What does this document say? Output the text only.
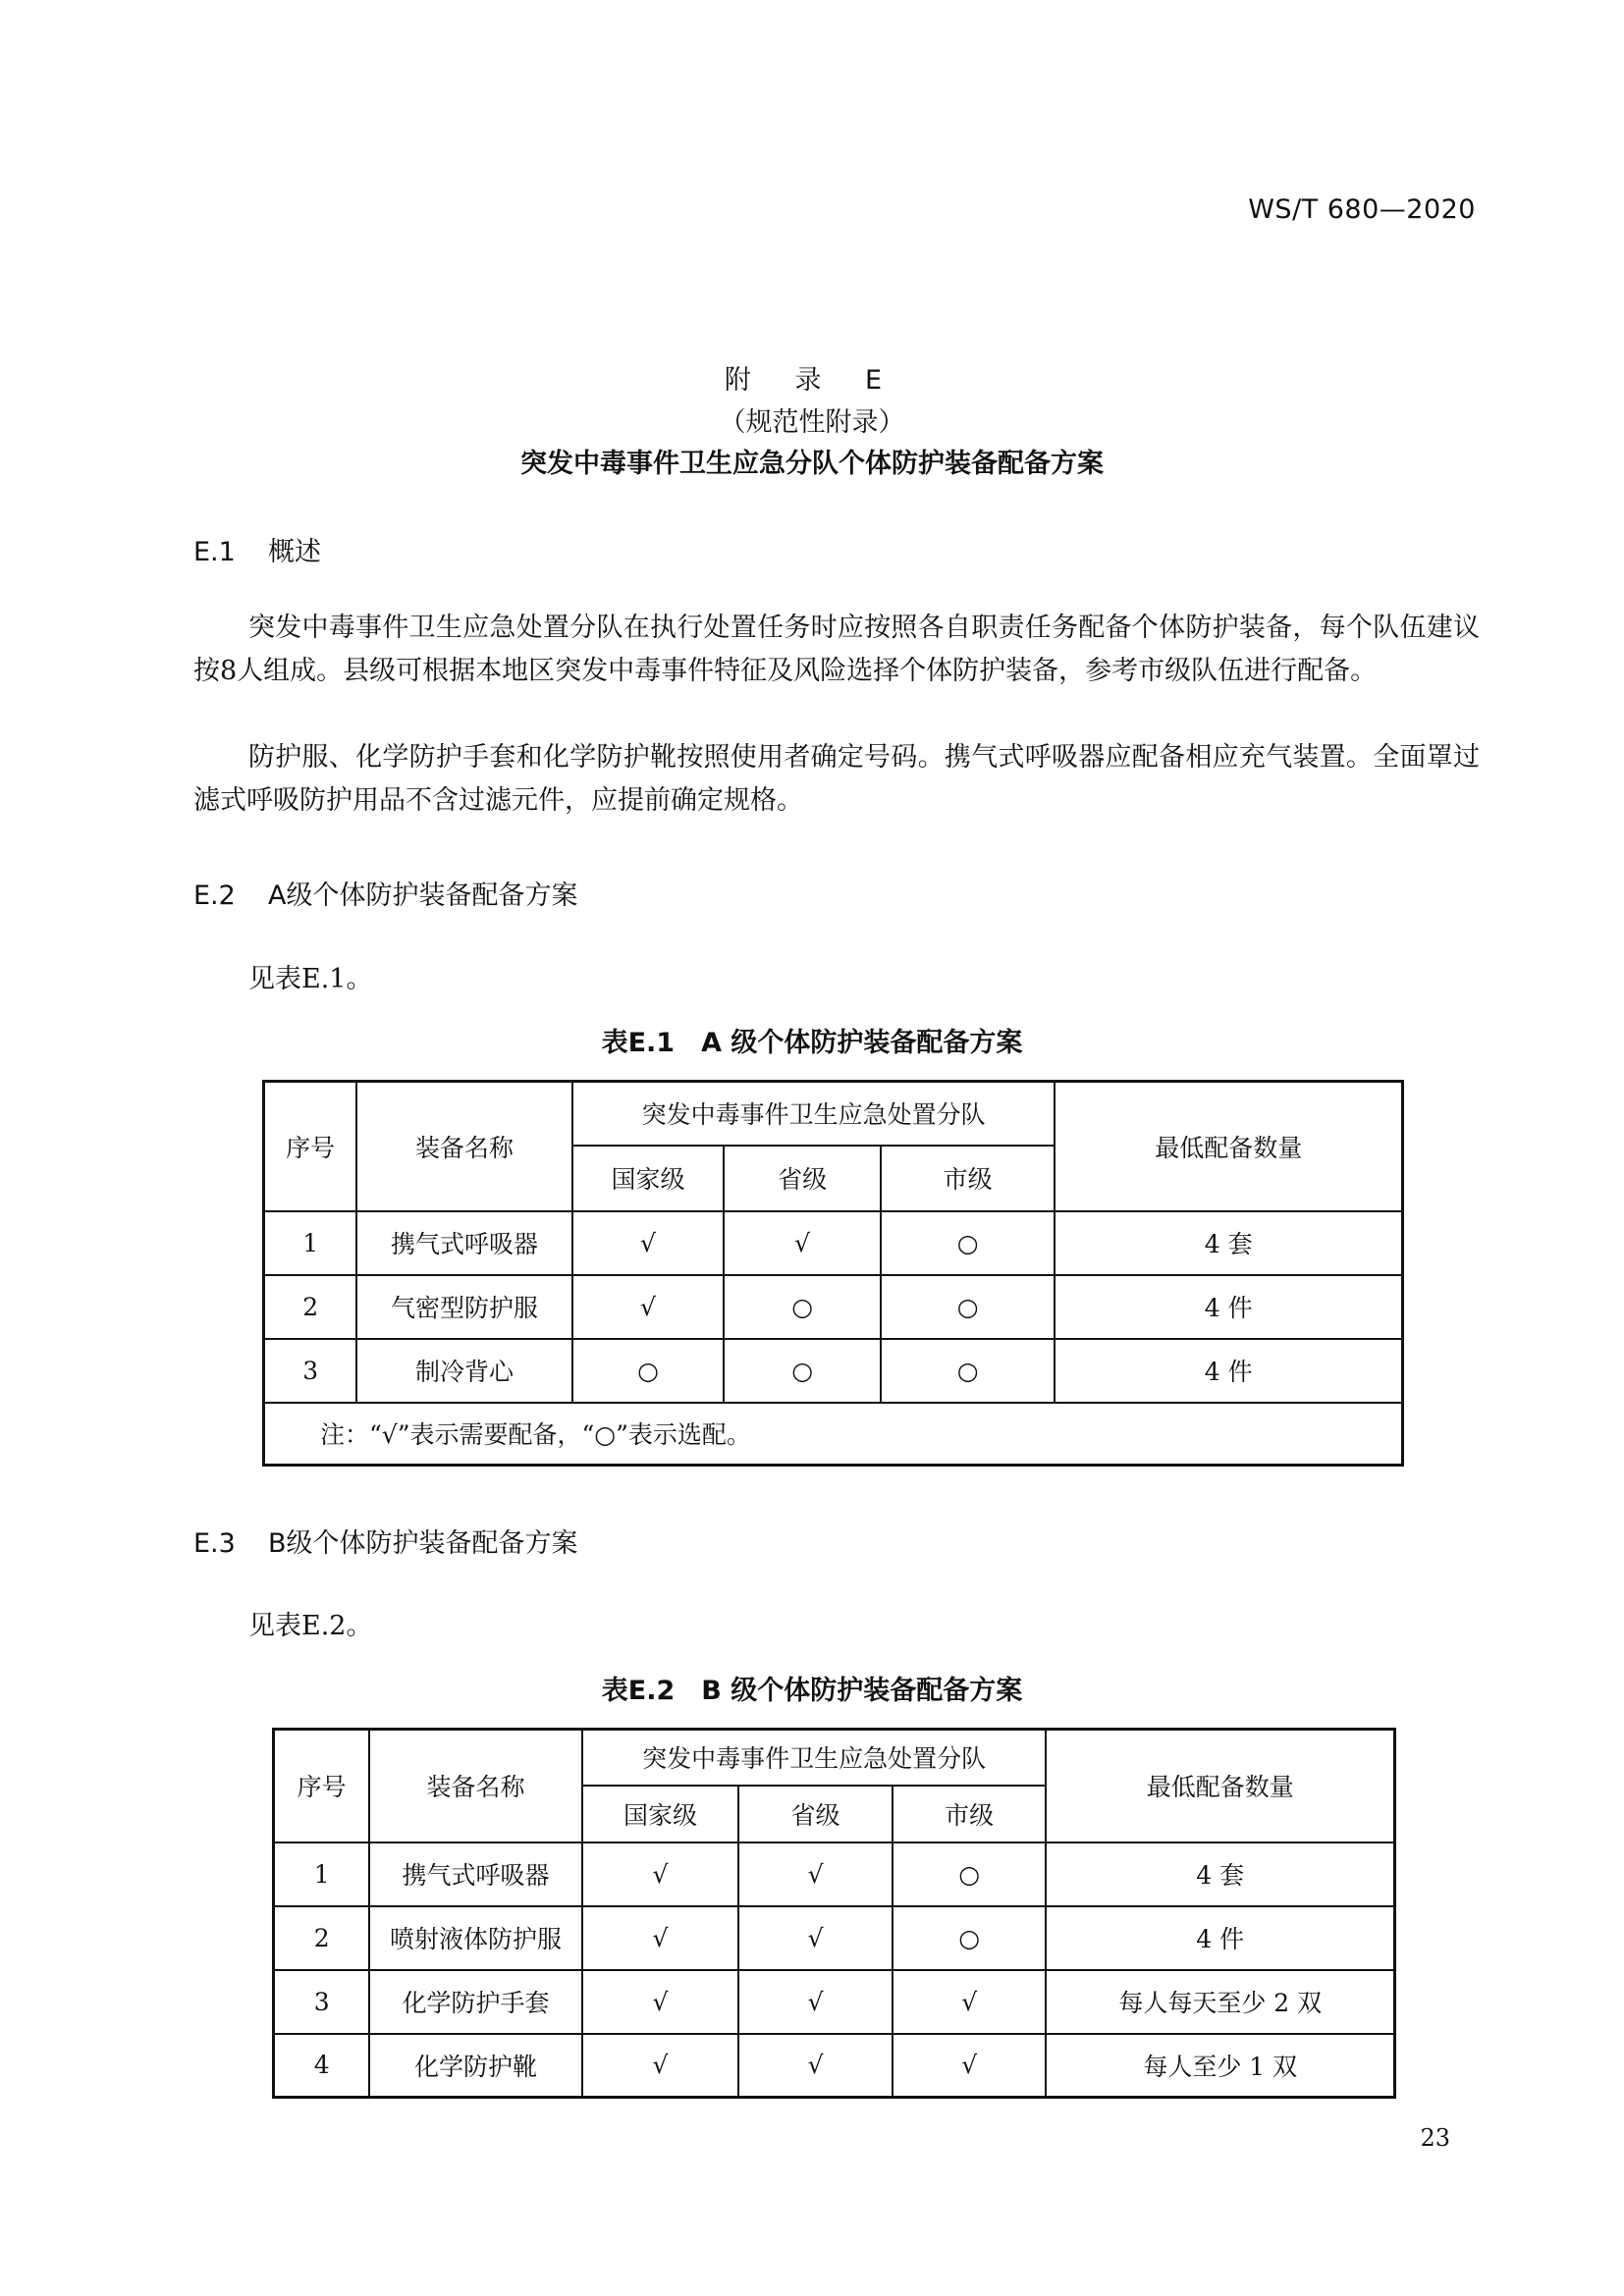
WS/T 680—2020
附 录 E
（规范性附录）
突发中毒事件卫生应急分队个体防护装备配备方案
E.1 概述

突发中毒事件卫生应急处置分队在执行处置任务时应按照各自职责任务配备个体防护装备，每个队伍建议按8人组成。县级可根据本地区突发中毒事件特征及风险选择个体防护装备，参考市级队伍进行配备。

防护服、化学防护手套和化学防护靴按照使用者确定号码。携气式呼吸器应配备相应充气装置。全面罩过滤式呼吸防护用品不含过滤元件，应提前确定规格。

E.2 A级个体防护装备配备方案
见表E.1。
表E.1　A 级个体防护装备配备方案
序号	装备名称	突发中毒事件卫生应急处置分队			最低配备数量
		国家级	省级	市级	
1	携气式呼吸器	√	√	○	4 套
2	气密型防护服	√	○	○	4 件
3	制冷背心	○	○	○	4 件
注：“√”表示需要配备，“○”表示选配。					
E.3 B级个体防护装备配备方案
见表E.2。
表E.2　B 级个体防护装备配备方案
序号	装备名称	突发中毒事件卫生应急处置分队			最低配备数量
		国家级	省级	市级	
1	携气式呼吸器	√	√	○	4 套
2	喷射液体防护服	√	√	○	4 件
3	化学防护手套	√	√	√	每人每天至少 2 双
4	化学防护靴	√	√	√	每人至少 1 双
23
